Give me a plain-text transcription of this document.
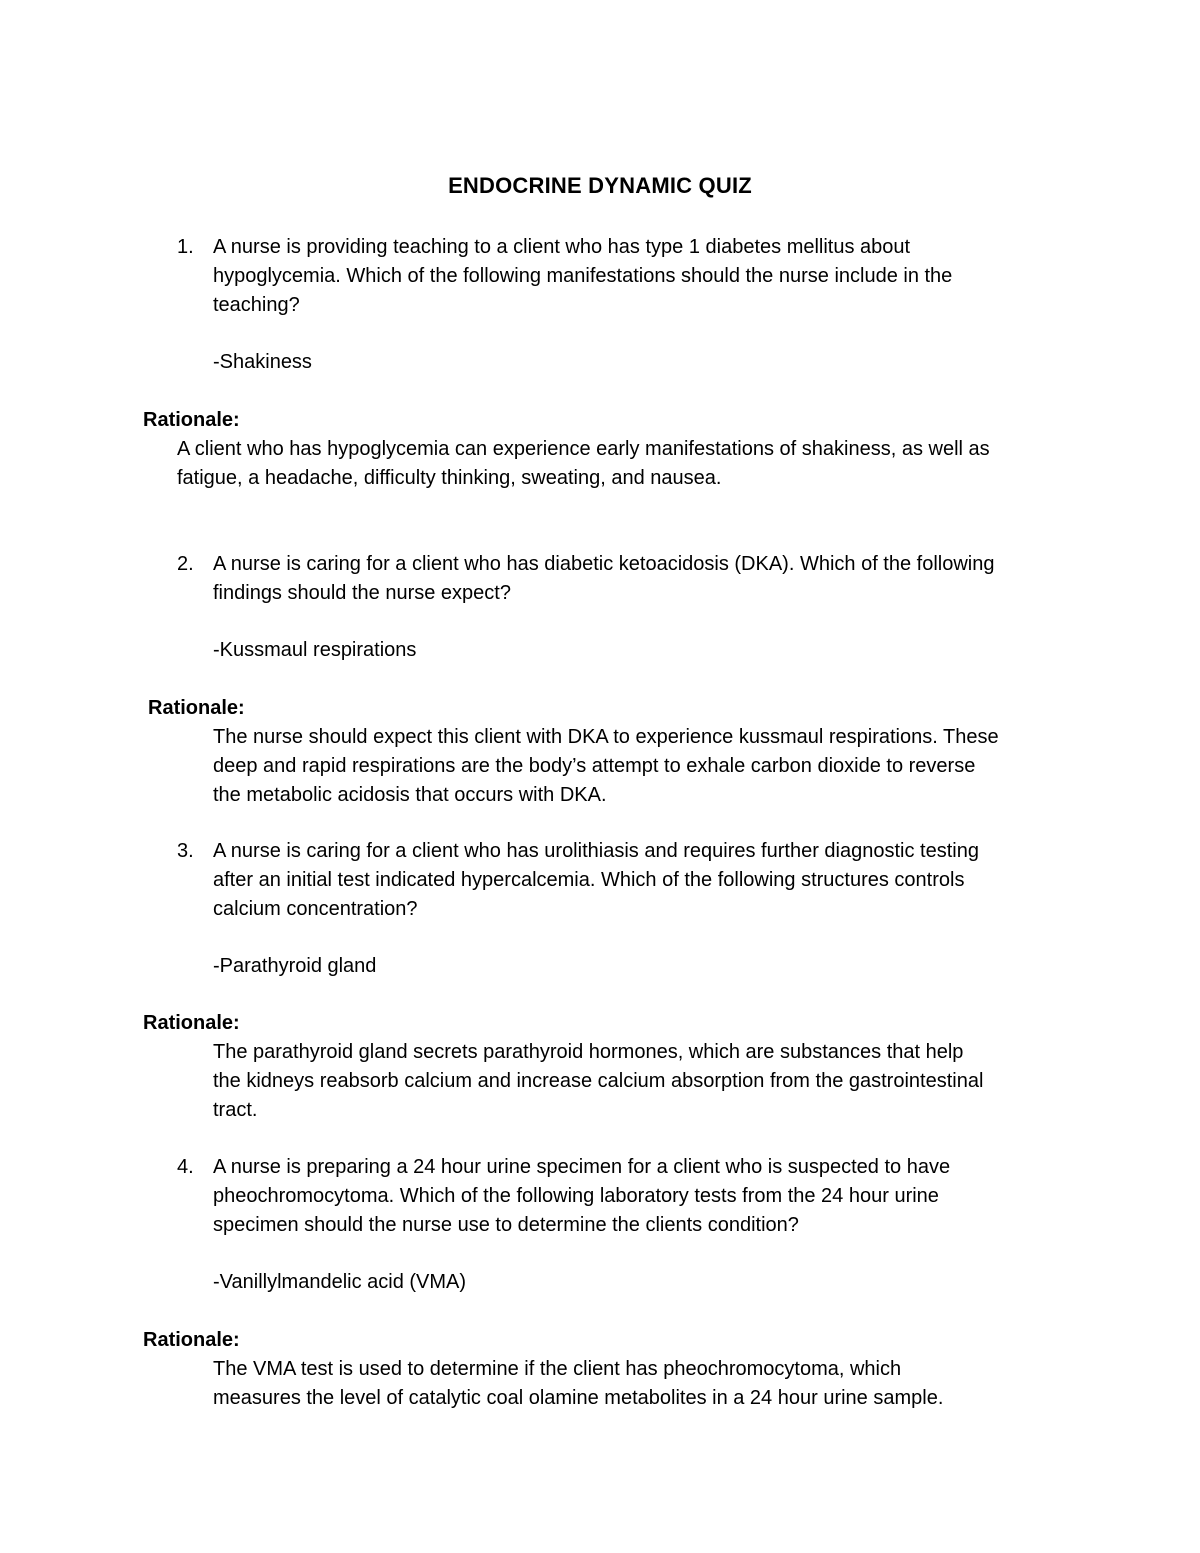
ENDOCRINE DYNAMIC QUIZ
1. A nurse is providing teaching to a client who has type 1 diabetes mellitus about
hypoglycemia. Which of the following manifestations should the nurse include in the
teaching?
-Shakiness
Rationale:
A client who has hypoglycemia can experience early manifestations of shakiness, as well as
fatigue, a headache, difficulty thinking, sweating, and nausea.
2. A nurse is caring for a client who has diabetic ketoacidosis (DKA). Which of the following
findings should the nurse expect?
-Kussmaul respirations
Rationale:
The nurse should expect this client with DKA to experience kussmaul respirations. These
deep and rapid respirations are the body’s attempt to exhale carbon dioxide to reverse
the metabolic acidosis that occurs with DKA.
3. A nurse is caring for a client who has urolithiasis and requires further diagnostic testing
after an initial test indicated hypercalcemia. Which of the following structures controls
calcium concentration?
-Parathyroid gland
Rationale:
The parathyroid gland secrets parathyroid hormones, which are substances that help
the kidneys reabsorb calcium and increase calcium absorption from the gastrointestinal
tract.
4. A nurse is preparing a 24 hour urine specimen for a client who is suspected to have
pheochromocytoma. Which of the following laboratory tests from the 24 hour urine
specimen should the nurse use to determine the clients condition?
-Vanillylmandelic acid (VMA)
Rationale:
The VMA test is used to determine if the client has pheochromocytoma, which
measures the level of catalytic coal olamine metabolites in a 24 hour urine sample.
